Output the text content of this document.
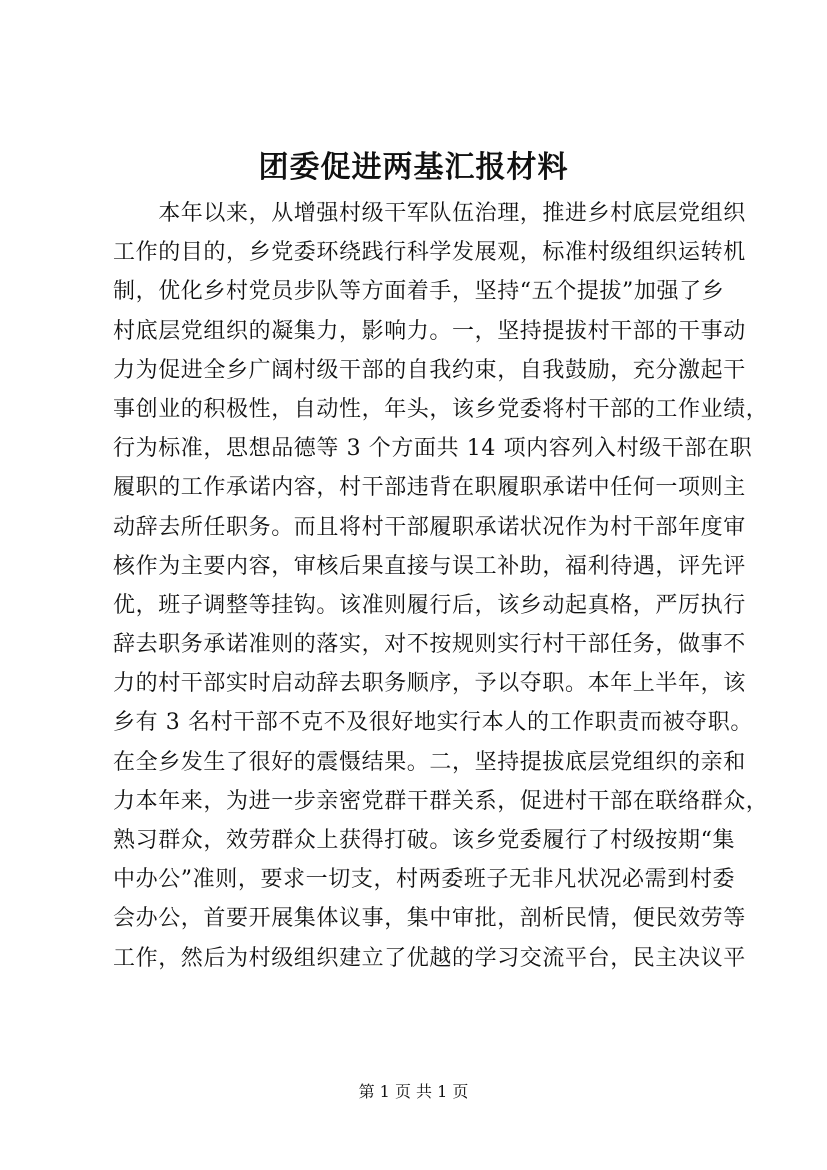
团委促进两基汇报材料
　　本年以来，从增强村级干军队伍治理，推进乡村底层党组织
工作的目的，乡党委环绕践行科学发展观，标准村级组织运转机
制，优化乡村党员步队等方面着手，坚持“五个提拔”加强了乡
村底层党组织的凝集力，影响力。一，坚持提拔村干部的干事动
力为促进全乡广阔村级干部的自我约束，自我鼓励，充分激起干
事创业的积极性，自动性，年头，该乡党委将村干部的工作业绩，
行为标准，思想品德等 3 个方面共 14 项内容列入村级干部在职
履职的工作承诺内容，村干部违背在职履职承诺中任何一项则主
动辞去所任职务。而且将村干部履职承诺状况作为村干部年度审
核作为主要内容，审核后果直接与误工补助，福利待遇，评先评
优，班子调整等挂钩。该准则履行后，该乡动起真格，严厉执行
辞去职务承诺准则的落实，对不按规则实行村干部任务，做事不
力的村干部实时启动辞去职务顺序，予以夺职。本年上半年，该
乡有 3 名村干部不克不及很好地实行本人的工作职责而被夺职。
在全乡发生了很好的震慑结果。二，坚持提拔底层党组织的亲和
力本年来，为进一步亲密党群干群关系，促进村干部在联络群众，
熟习群众，效劳群众上获得打破。该乡党委履行了村级按期“集
中办公”准则，要求一切支，村两委班子无非凡状况必需到村委
会办公，首要开展集体议事，集中审批，剖析民情，便民效劳等
工作，然后为村级组织建立了优越的学习交流平台，民主决议平
第 1 页 共 1 页
